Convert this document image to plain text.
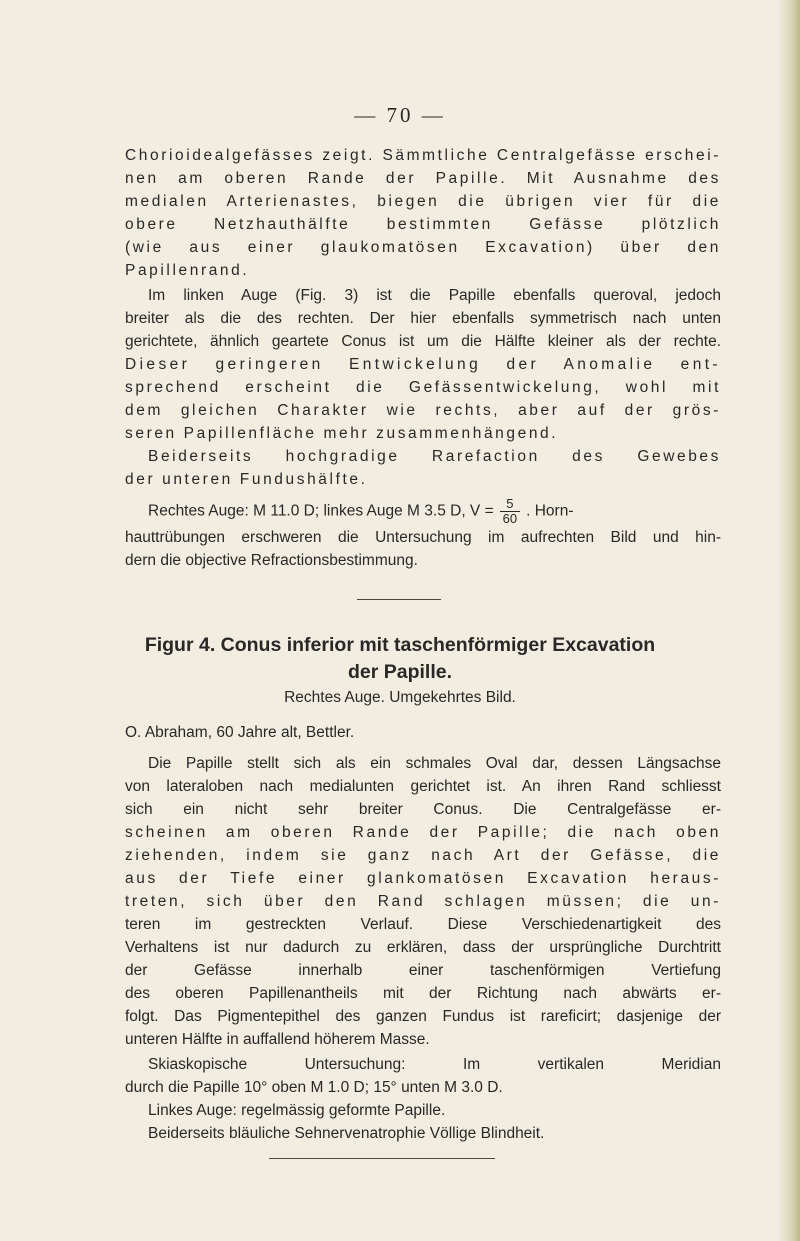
— 70 —
Chorioidealgefässes zeigt. Sämmtliche Centralgefässe erschei-
nen am oberen Rande der Papille. Mit Ausnahme des
medialen Arterienastes, biegen die übrigen vier für die
obere Netzhauthälfte bestimmten Gefässe plötzlich
(wie aus einer glaukomatösen Excavation) über den
Papillenrand.
Im linken Auge (Fig. 3) ist die Papille ebenfalls queroval, jedoch
breiter als die des rechten. Der hier ebenfalls symmetrisch nach unten
gerichtete, ähnlich geartete Conus ist um die Hälfte kleiner als der rechte.
Dieser geringeren Entwickelung der Anomalie ent-
sprechend erscheint die Gefässentwickelung, wohl mit
dem gleichen Charakter wie rechts, aber auf der grös-
seren Papillenfläche mehr zusammenhängend.
Beiderseits hochgradige Rarefaction des Gewebes
der unteren Fundushälfte.
Rechtes Auge: M 11.0 D; linkes Auge M 3.5 D, $V = \frac{5}{60}$ . Horn-
hauttrübungen erschweren die Untersuchung im aufrechten Bild und hin-
dern die objective Refractionsbestimmung.
Figur 4. Conus inferior mit taschenförmiger Excavation
der Papille.
Rechtes Auge. Umgekehrtes Bild.
O. Abraham, 60 Jahre alt, Bettler.
Die Papille stellt sich als ein schmales Oval dar, dessen Längsachse
von lateraloben nach medialunten gerichtet ist. An ihren Rand schliesst
sich ein nicht sehr breiter Conus. Die Centralgefässe er-
scheinen am oberen Rande der Papille; die nach oben
ziehenden, indem sie ganz nach Art der Gefässe, die
aus der Tiefe einer glankomatösen Excavation heraus-
treten, sich über den Rand schlagen müssen; die un-
teren im gestreckten Verlauf. Diese Verschiedenartigkeit des
Verhaltens ist nur dadurch zu erklären, dass der ursprüngliche Durchtritt
der Gefässe innerhalb einer taschenförmigen Vertiefung
des oberen Papillenantheils mit der Richtung nach abwärts er-
folgt. Das Pigmentepithel des ganzen Fundus ist rareficirt; dasjenige der
unteren Hälfte in auffallend höherem Masse.
Skiaskopische Untersuchung: Im vertikalen Meridian
durch die Papille 10° oben M 1.0 D; 15° unten M 3.0 D.
Linkes Auge: regelmässig geformte Papille.
Beiderseits bläuliche Sehnervenatrophie Völlige Blindheit.
